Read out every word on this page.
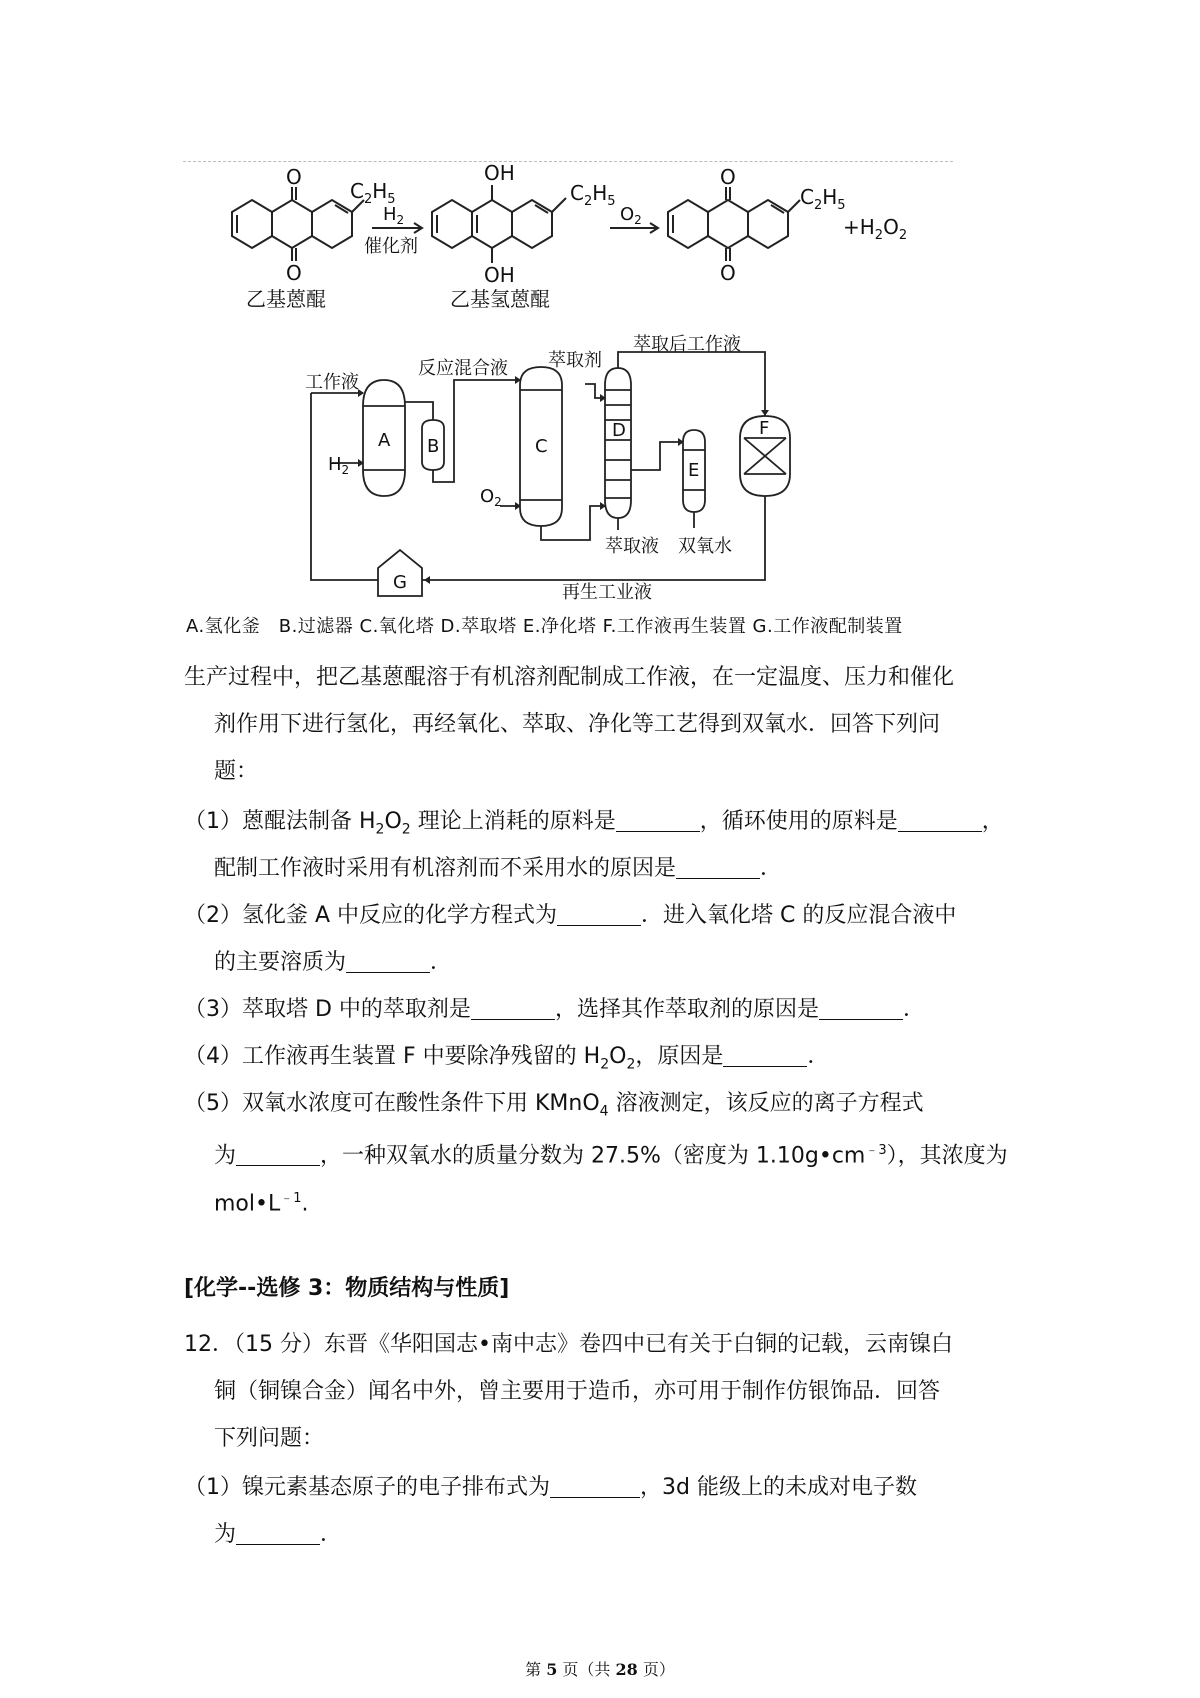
O
O
OH
OH
O
O
$C_2H_5$	$C_2H_5$	$C_2H_5$
$H_2$
催化剂
$O_2$	$+H_2O_2$
乙基蒽醌	乙基氢蒽醌
工作液
反应混合液 萃取剂
萃取后工作液
萃取液 双氧水
再生工业液
$H_2$
$O_2$
A B	C
D
E
F
G
A.氢化釜　B.过滤器 C.氧化塔 D.萃取塔 E.净化塔 F.工作液再生装置 G.工作液配制装置
生产过程中，把乙基蒽醌溶于有机溶剂配制成工作液，在一定温度、压力和催化
剂作用下进行氢化，再经氧化、萃取、净化等工艺得到双氧水．回答下列问
题：
（1）蒽醌法制备 $H_2O_2$ 理论上消耗的原料是	，循环使用的原料是	，
配制工作液时采用有机溶剂而不采用水的原因是	．
（2）氢化釜 A 中反应的化学方程式为	．进入氧化塔 C 的反应混合液中
的主要溶质为	．
（3）萃取塔 D 中的萃取剂是	，选择其作萃取剂的原因是	．
（4）工作液再生装置 F 中要除净残留的 $H_2O_2$，原因是	．
（5）双氧水浓度可在酸性条件下用 KMnO$_4$ 溶液测定，该反应的离子方程式
为	，一种双氧水的质量分数为 27.5%（密度为 $1.10g•cm^{﹣3}$），其浓度为
$mol•L^{﹣1}$.
[化学--选修 3：物质结构与性质]
12．（15 分）东晋《华阳国志•南中志》卷四中已有关于白铜的记载，云南镍白
铜（铜镍合金）闻名中外，曾主要用于造币，亦可用于制作仿银饰品．回答
下列问题：
（1）镍元素基态原子的电子排布式为	，3d 能级上的未成对电子数
为	．
第 5 页（共 28 页）
